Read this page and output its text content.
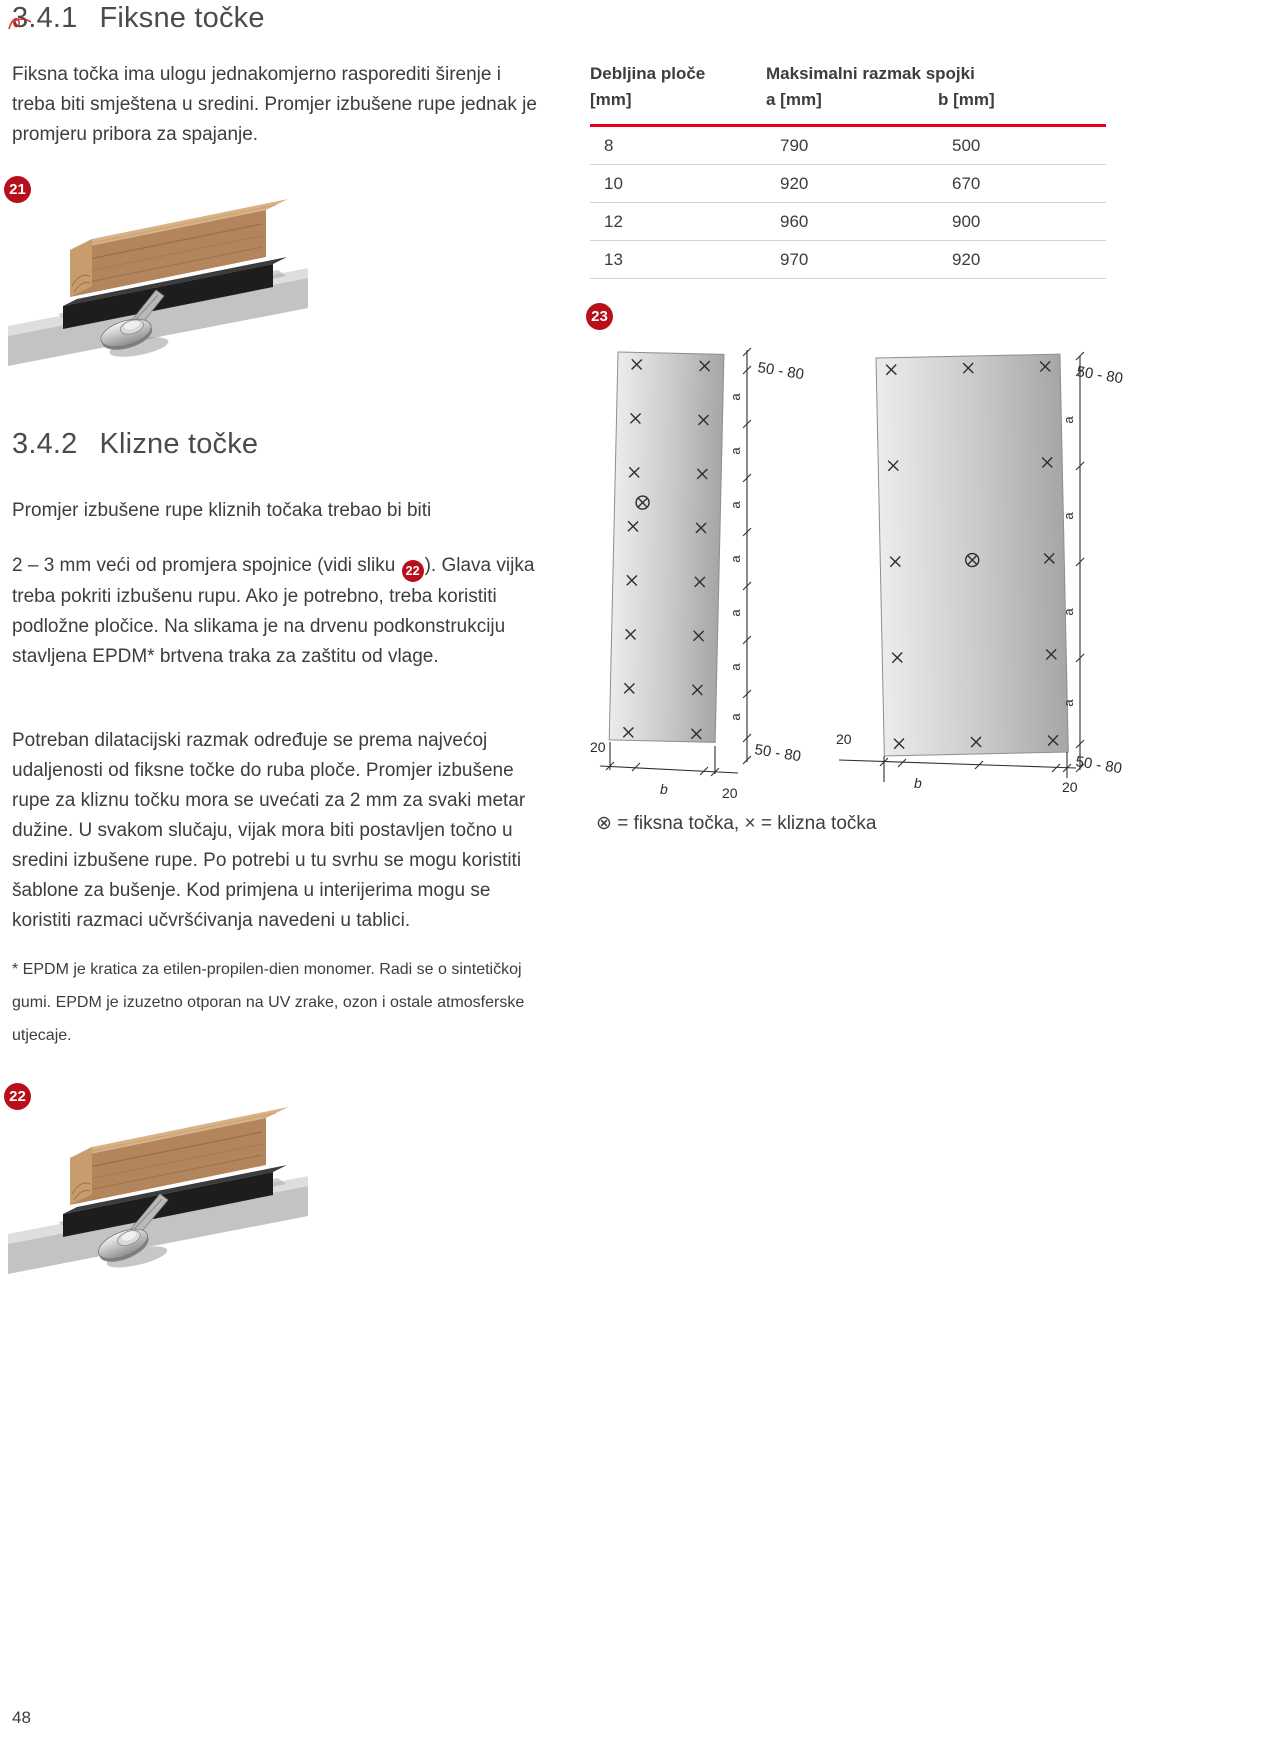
3.4.1 Fiksne točke
Fiksna točka ima ulogu jednakomjerno rasporediti širenje i treba biti smještena u sredini. Promjer izbušene rupe jednak je promjeru pribora za spajanje.
21
Debljina ploče
[mm]
Maksimalni razmak spojki
a [mm]	b [mm]
8	790	500
10	920	670
12	960	900
13	970	920
23
a
a
a
a
a
a
a
a
a
a
a
50 - 80
50 - 80
50 - 80
50 - 80
20
20
20
20
b	b
⊗ = fiksna točka, × = klizna točka
3.4.2 Klizne točke
Promjer izbušene rupe kliznih točaka trebao bi biti
2 – 3 mm veći od promjera spojnice (vidi sliku 22 ). Glava vijka treba pokriti izbušenu rupu. Ako je potrebno, treba koristiti podložne pločice. Na slikama je na drvenu podkonstrukciju stavljena EPDM* brtvena traka za zaštitu od vlage.
Potreban dilatacijski razmak određuje se prema najvećoj udaljenosti od fiksne točke do ruba ploče. Promjer izbušene rupe za kliznu točku mora se uvećati za 2 mm za svaki metar dužine. U svakom slučaju, vijak mora biti postavljen točno u sredini izbušene rupe. Po potrebi u tu svrhu se mogu koristiti šablone za bušenje. Kod primjena u interijerima mogu se koristiti razmaci učvršćivanja navedeni u tablici.
* EPDM je kratica za etilen-propilen-dien monomer. Radi se o sintetičkoj gumi. EPDM je izuzetno otporan na UV zrake, ozon i ostale atmosferske utjecaje.
22
48
